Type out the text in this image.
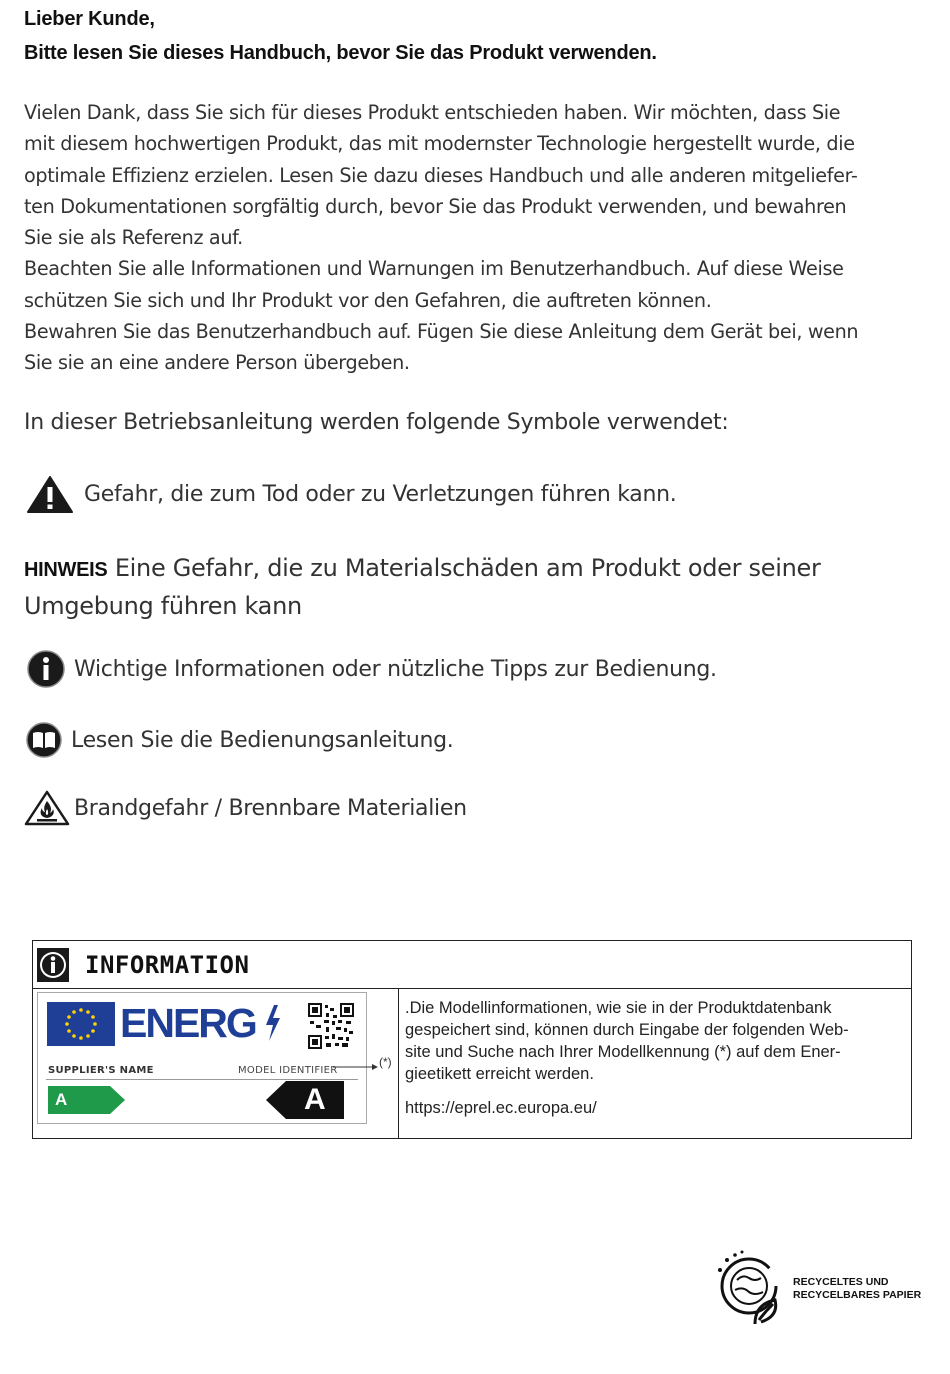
Lieber Kunde,
Bitte lesen Sie dieses Handbuch, bevor Sie das Produkt verwenden.

Vielen Dank, dass Sie sich für dieses Produkt entschieden haben. Wir möchten, dass Sie

mit diesem hochwertigen Produkt, das mit modernster Technologie hergestellt wurde, die

optimale Effizienz erzielen. Lesen Sie dazu dieses Handbuch und alle anderen mitgeliefer-

ten Dokumentationen sorgfältig durch, bevor Sie das Produkt verwenden, und bewahren

Sie sie als Referenz auf.

Beachten Sie alle Informationen und Warnungen im Benutzerhandbuch. Auf diese Weise

schützen Sie sich und Ihr Produkt vor den Gefahren, die auftreten können.

Bewahren Sie das Benutzerhandbuch auf. Fügen Sie diese Anleitung dem Gerät bei, wenn

Sie sie an eine andere Person übergeben.

In dieser Betriebsanleitung werden folgende Symbole verwendet:
Gefahr, die zum Tod oder zu Verletzungen führen kann.
HINWEIS Eine Gefahr, die zu Materialschäden am Produkt oder seiner
Umgebung führen kann
Wichtige Informationen oder nützliche Tipps zur Bedienung.
Lesen Sie die Bedienungsanleitung.
Brandgefahr / Brennbare Materialien
INFORMATION
ENERG
SUPPLIER'S NAME	MODEL IDENTIFIER
A	A
(*)

.Die Modellinformationen, wie sie in der Produktdatenbank

gespeichert sind, können durch Eingabe der folgenden Web-

site und Suche nach Ihrer Modellkennung (*) auf dem Ener-

gieetikett erreicht werden.

https://eprel.ec.europa.eu/

RECYCELTES UND
RECYCELBARES PAPIER
